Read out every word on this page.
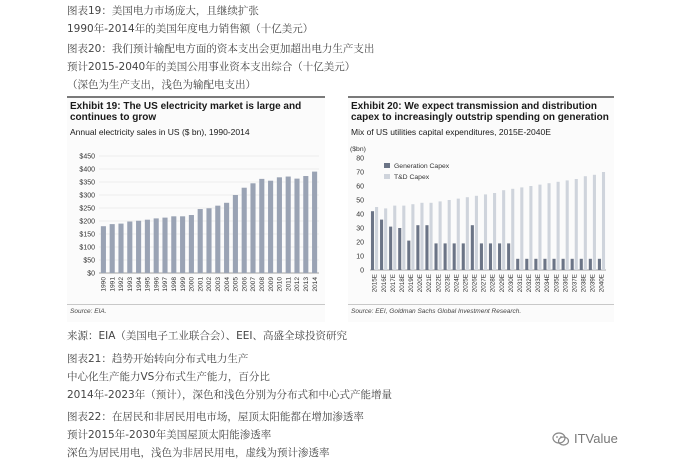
图表19：美国电力市场庞大，且继续扩张
1990年-2014年的美国年度电力销售额（十亿美元）
图表20：我们预计输配电方面的资本支出会更加超出电力生产支出
预计2015-2040年的美国公用事业资本支出综合（十亿美元）
（深色为生产支出，浅色为输配电支出）
Exhibit 19: The US electricity market is large and continues to grow
Annual electricity sales in US ($ bn), 1990-2014
$0
$50
$100
$150
$200
$250
$300
$350
$400
$450
1990 1991 1992 1993 1994 1995 1996 1997 1998 1999 2000 2001 2002 2003 2004 2005 2006 2007 2008 2009 2010 2011 2012 2013 2014
Source: EIA.
Exhibit 20: We expect transmission and distribution capex to increasingly outstrip spending on generation
Mix of US utilities capital expenditures, 2015E-2040E
($bn)
0
10
20
30
40
50
60
70
80
2015E 2016E 2017E 2018E 2019E 2020E 2021E 2022E 2023E 2024E 2025E 2026E 2027E 2028E 2029E 2030E 2031E 2032E 2033E 2034E 2035E 2036E 2037E 2038E 2039E 2040E
Generation Capex
T&D Capex
Source: EEI, Goldman Sachs Global Investment Research.
来源：EIA（美国电子工业联合会）、EEI、高盛全球投资研究
图表21：趋势开始转向分布式电力生产
中心化生产能力VS分布式生产能力，百分比
2014年-2023年（预计），深色和浅色分别为分布式和中心式产能增量
图表22：在居民和非居民用电市场，屋顶太阳能都在增加渗透率
预计2015年-2030年美国屋顶太阳能渗透率
深色为居民用电，浅色为非居民用电，虚线为预计渗透率
ITValue
